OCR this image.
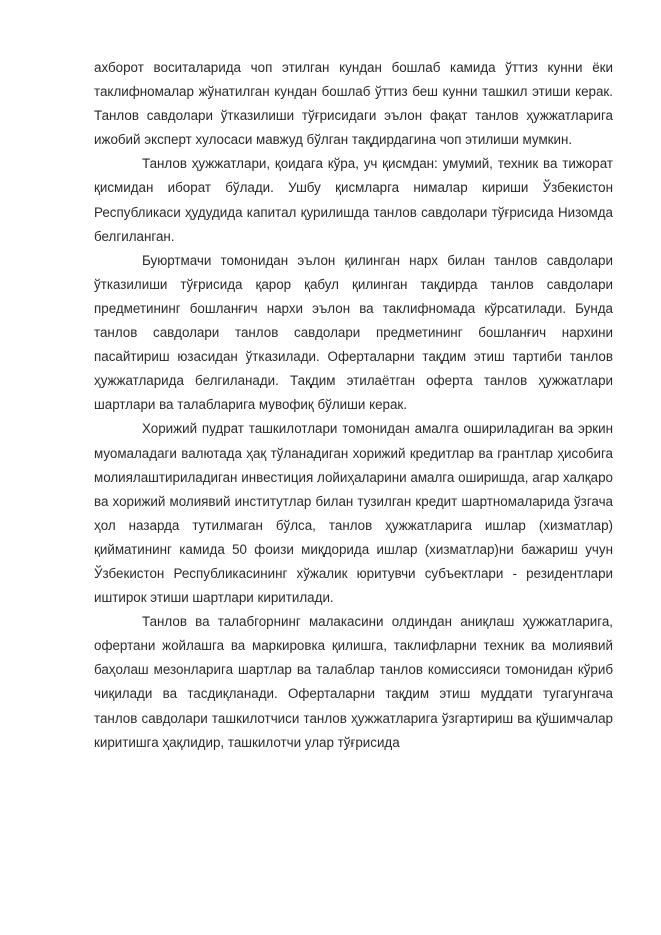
ахборот воситаларида чоп этилган кундан бошлаб камида ўттиз кунни ёки таклифномалар жўнатилган кундан бошлаб ўттиз беш кунни ташкил этиши керак. Танлов савдолари ўтказилиши тўғрисидаги эълон фақат танлов ҳужжатларига ижобий эксперт хулосаси мавжуд бўлган тақдирдагина чоп этилиши мумкин.

Танлов ҳужжатлари, қоидага кўра, уч қисмдан: умумий, техник ва тижорат қисмидан иборат бўлади. Ушбу қисмларга нималар кириши Ўзбекистон Республикаси ҳудудида капитал қурилишда танлов савдолари тўғрисида Низомда белгиланган.

Буюртмачи томонидан эълон қилинган нарх билан танлов савдолари ўтказилиши тўғрисида қарор қабул қилинган тақдирда танлов савдолари предметининг бошланғич нархи эълон ва таклифномада кўрсатилади. Бунда танлов савдолари танлов савдолари предметининг бошланғич нархини пасайтириш юзасидан ўтказилади. Оферталарни тақдим этиш тартиби танлов ҳужжатларида белгиланади. Тақдим этилаётган оферта танлов ҳужжатлари шартлари ва талабларига мувофиқ бўлиши керак.

Хорижий пудрат ташкилотлари томонидан амалга ошириладиган ва эркин муомаладаги валютада ҳақ тўланадиган хорижий кредитлар ва грантлар ҳисобига молиялаштириладиган инвестиция лойиҳаларини амалга оширишда, агар халқаро ва хорижий молиявий институтлар билан тузилган кредит шартномаларида ўзгача ҳол назарда тутилмаган бўлса, танлов ҳужжатларига ишлар (хизматлар) қийматининг камида 50 фоизи миқдорида ишлар (хизматлар)ни бажариш учун Ўзбекистон Республикасининг хўжалик юритувчи субъектлари - резидентлари иштирок этиши шартлари киритилади.

Танлов ва талабгорнинг малакасини олдиндан аниқлаш ҳужжатларига, офертани жойлашга ва маркировка қилишга, таклифларни техник ва молиявий баҳолаш мезонларига шартлар ва талаблар танлов комиссияси томонидан кўриб чиқилади ва тасдиқланади. Оферталарни тақдим этиш муддати тугагунгача танлов савдолари ташкилотчиси танлов ҳужжатларига ўзгартириш ва қўшимчалар киритишга ҳақлидир, ташкилотчи улар тўғрисида
